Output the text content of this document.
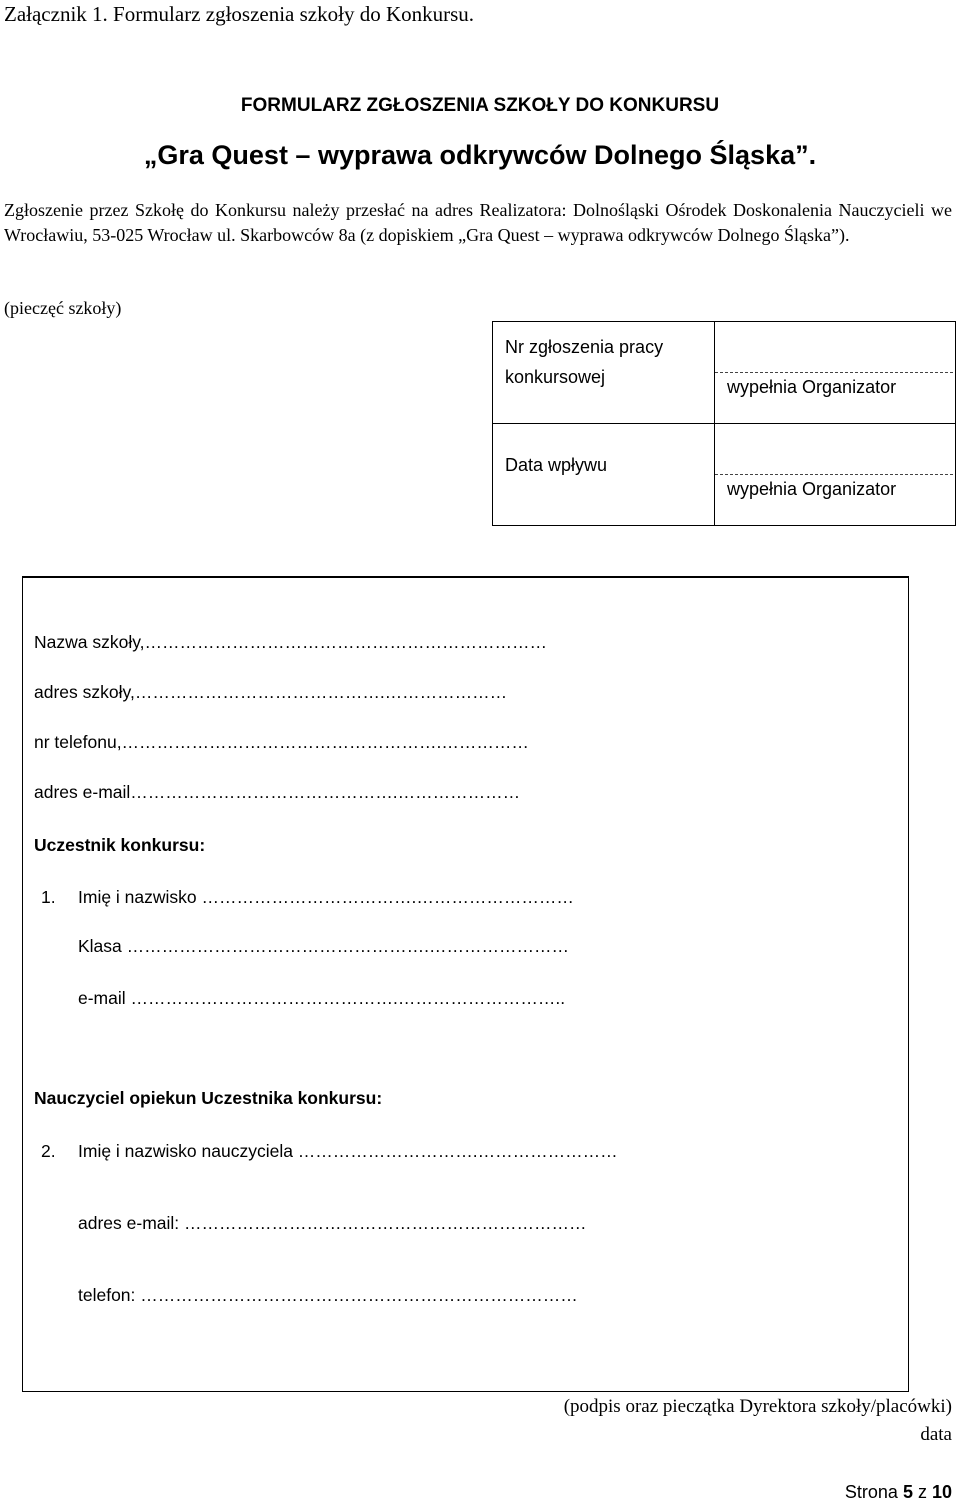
Załącznik 1. Formularz zgłoszenia szkoły do Konkursu.
FORMULARZ ZGŁOSZENIA SZKOŁY DO KONKURSU
„Gra Quest – wyprawa odkrywców Dolnego Śląska”.
Zgłoszenie przez Szkołę do Konkursu należy przesłać na adres Realizatora: Dolnośląski Ośrodek Doskonalenia Nauczycieli we Wrocławiu, 53-025 Wrocław ul. Skarbowców 8a (z dopiskiem „Gra Quest – wyprawa odkrywców Dolnego Śląska”).
(pieczęć szkoły)
Nr zgłoszenia pracy
konkursowej	wypełnia Organizator
Data wpływu
wypełnia Organizator
Nazwa szkoły,……………………………………………………………
adres szkoły,…………………………………….…………………
nr telefonu,……………………………………………….……………
adres e-mail……………………………………….…………………
Uczestnik konkursu:
1. Imię i nazwisko ……………………………….………………………
Klasa …………………………………………….……………………
e-mail ……………………………………….………………………..
Nauczyciel opiekun Uczestnika konkursu:
2. Imię i nazwisko nauczyciela ………………………….……………………
adres e-mail: ……………………………………………………………
telefon: …………………………………………………………………
(podpis oraz pieczątka Dyrektora szkoły/placówki)
data
Strona 5 z 10
